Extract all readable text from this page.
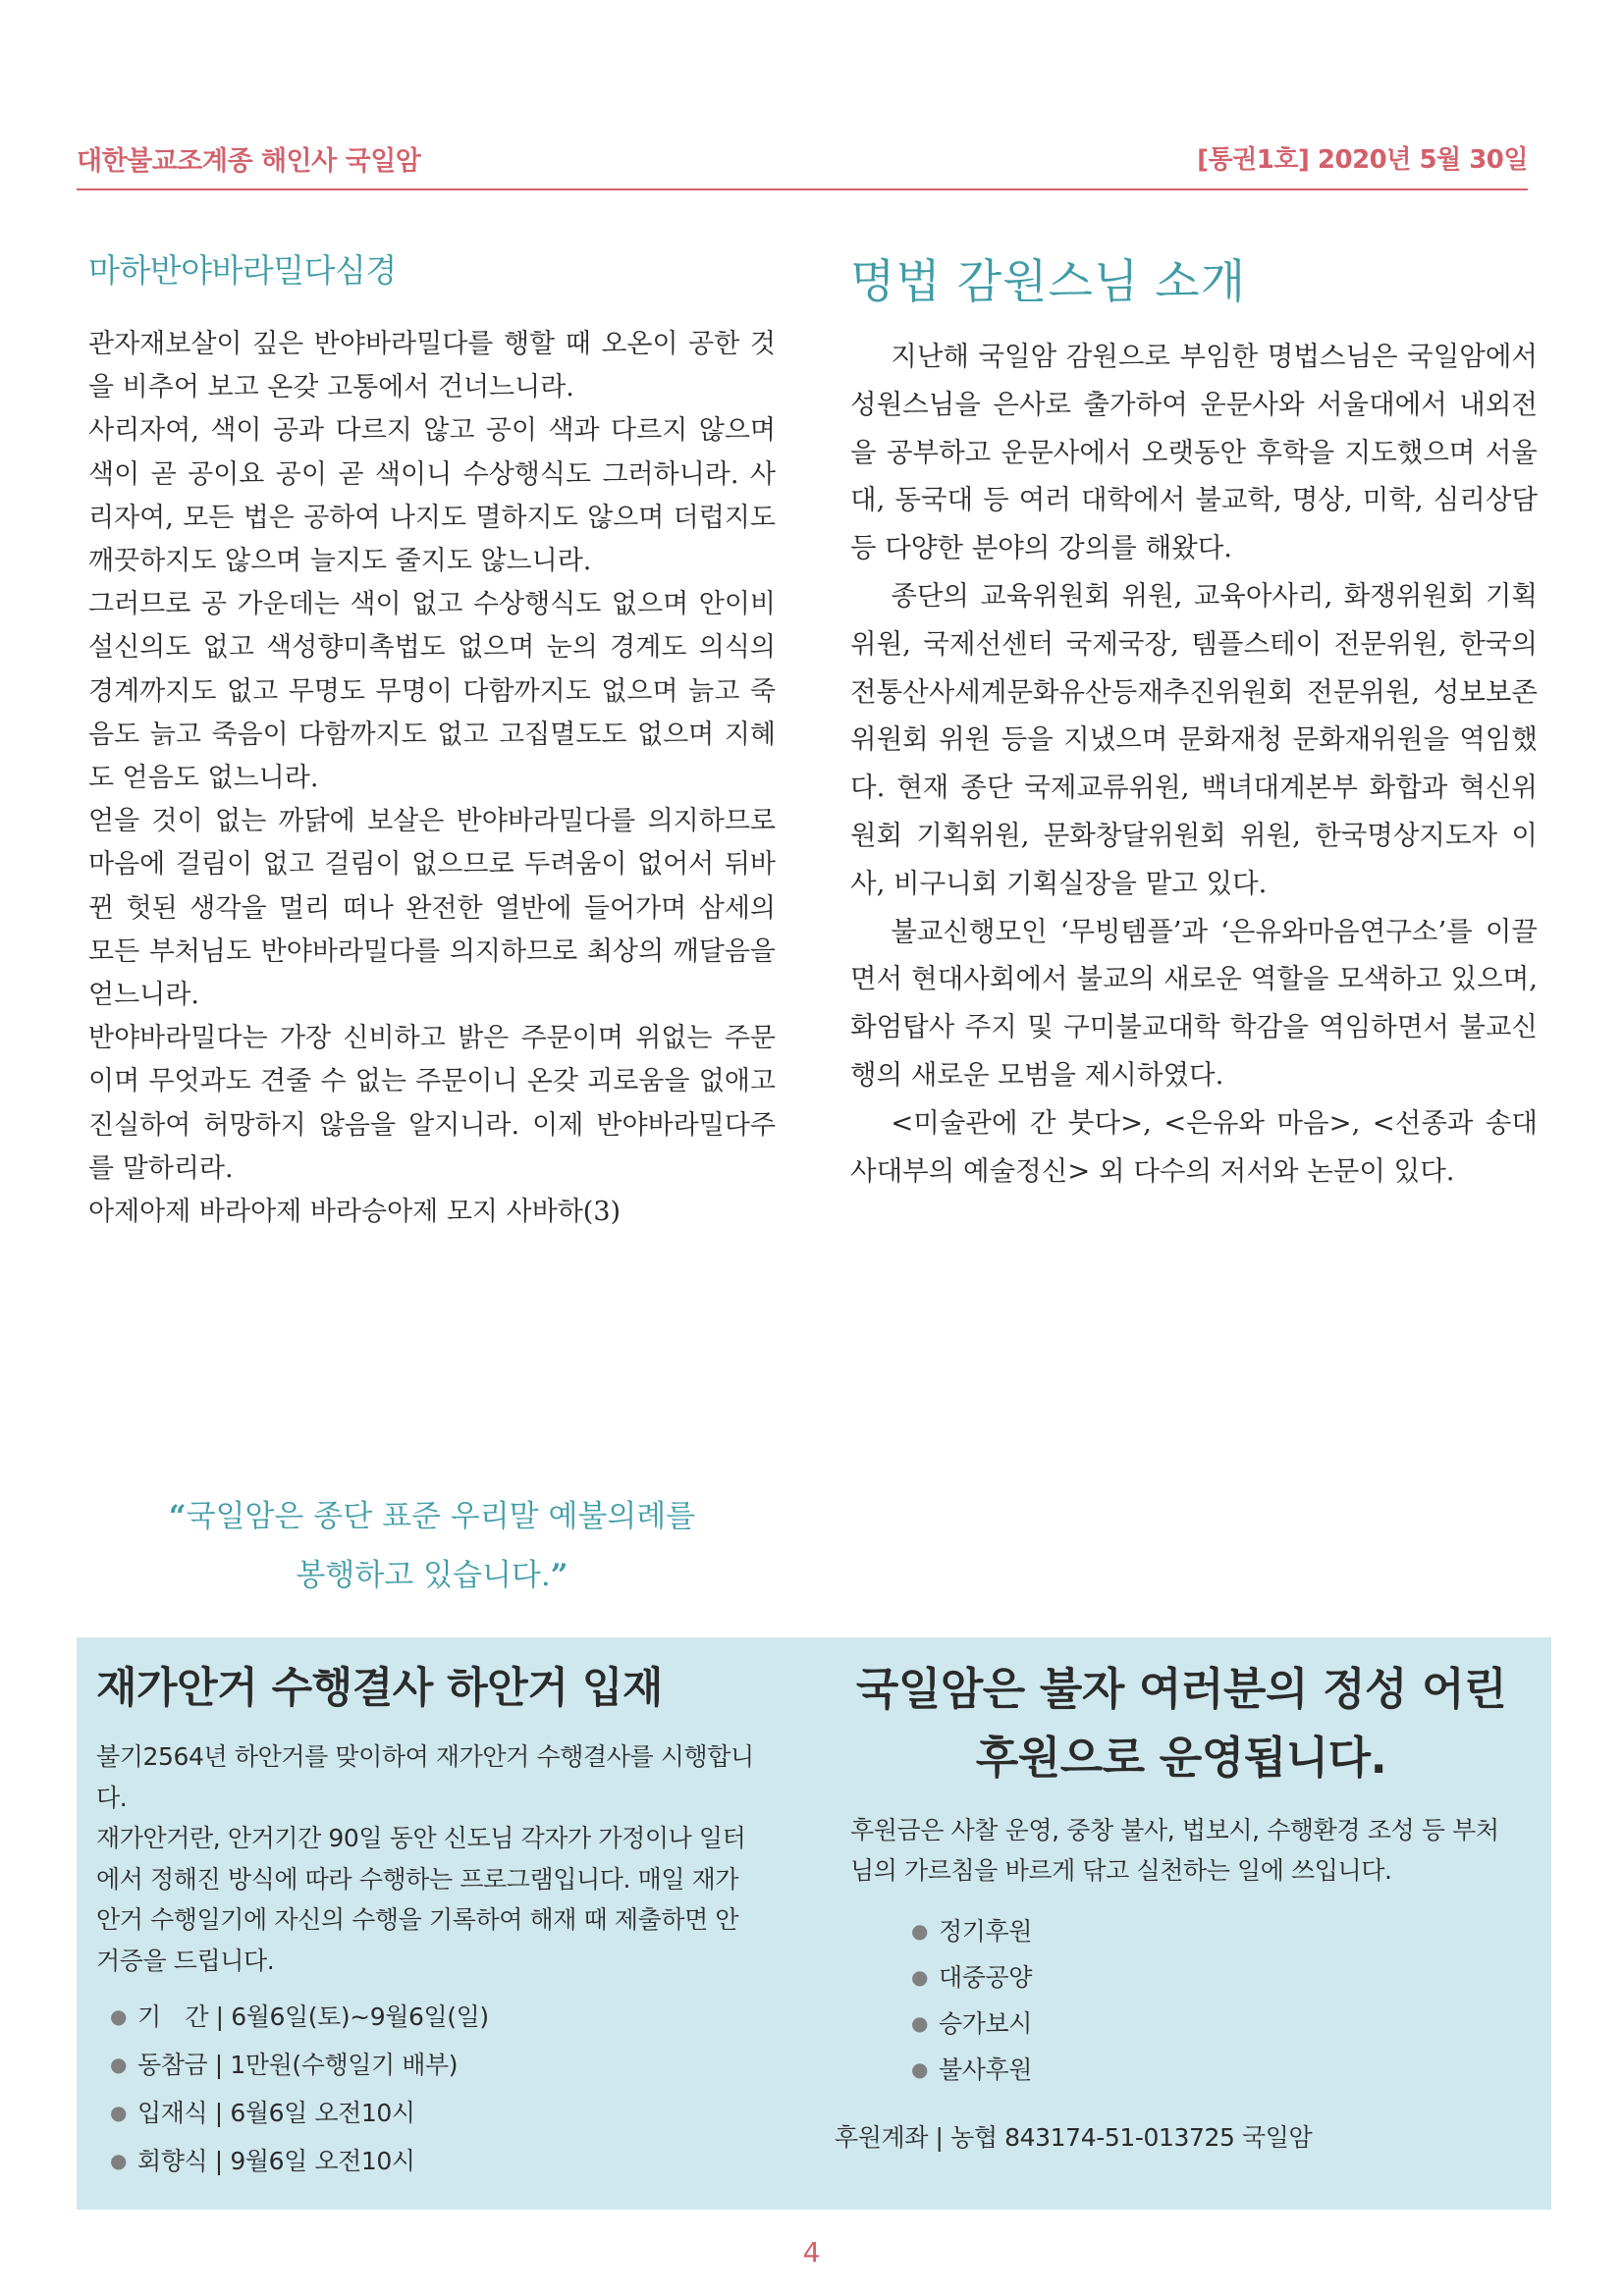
대한불교조계종 해인사 국일암	[통권1호] 2020년 5월 30일
마하반야바라밀다심경

관자재보살이 깊은 반야바라밀다를 행할 때 오온이 공한 것을 비추어 보고 온갖 고통에서 건너느니라.

사리자여, 색이 공과 다르지 않고 공이 색과 다르지 않으며 색이 곧 공이요 공이 곧 색이니 수상행식도 그러하니라. 사리자여, 모든 법은 공하여 나지도 멸하지도 않으며 더럽지도 깨끗하지도 않으며 늘지도 줄지도 않느니라.

그러므로 공 가운데는 색이 없고 수상행식도 없으며 안이비설신의도 없고 색성향미촉법도 없으며 눈의 경계도 의식의 경계까지도 없고 무명도 무명이 다함까지도 없으며 늙고 죽음도 늙고 죽음이 다함까지도 없고 고집멸도도 없으며 지혜도 얻음도 없느니라.

얻을 것이 없는 까닭에 보살은 반야바라밀다를 의지하므로 마음에 걸림이 없고 걸림이 없으므로 두려움이 없어서 뒤바뀐 헛된 생각을 멀리 떠나 완전한 열반에 들어가며 삼세의 모든 부처님도 반야바라밀다를 의지하므로 최상의 깨달음을 얻느니라.

반야바라밀다는 가장 신비하고 밝은 주문이며 위없는 주문이며 무엇과도 견줄 수 없는 주문이니 온갖 괴로움을 없애고 진실하여 허망하지 않음을 알지니라. 이제 반야바라밀다주를 말하리라.

아제아제 바라아제 바라승아제 모지 사바하(3)

“국일암은 종단 표준 우리말 예불의례를
봉행하고 있습니다.”
명법 감원스님 소개

지난해 국일암 감원으로 부임한 명법스님은 국일암에서 성원스님을 은사로 출가하여 운문사와 서울대에서 내외전을 공부하고 운문사에서 오랫동안 후학을 지도했으며 서울대, 동국대 등 여러 대학에서 불교학, 명상, 미학, 심리상담 등 다양한 분야의 강의를 해왔다.

종단의 교육위원회 위원, 교육아사리, 화쟁위원회 기획위원, 국제선센터 국제국장, 템플스테이 전문위원, 한국의전통산사세계문화유산등재추진위원회 전문위원, 성보보존위원회 위원 등을 지냈으며 문화재청 문화재위원을 역임했다. 현재 종단 국제교류위원, 백녀대계본부 화합과 혁신위원회 기획위원, 문화창달위원회 위원, 한국명상지도자 이사, 비구니회 기획실장을 맡고 있다.

불교신행모인 ‘무빙템플’과 ‘은유와마음연구소’를 이끌면서 현대사회에서 불교의 새로운 역할을 모색하고 있으며, 화엄탑사 주지 및 구미불교대학 학감을 역임하면서 불교신행의 새로운 모범을 제시하였다.

<미술관에 간 붓다>, <은유와 마음>, <선종과 송대사대부의 예술정신> 외 다수의 저서와 논문이 있다.

재가안거 수행결사 하안거 입재

불기2564년 하안거를 맞이하여 재가안거 수행결사를 시행합니다.

재가안거란, 안거기간 90일 동안 신도님 각자가 가정이나 일터에서 정해진 방식에 따라 수행하는 프로그램입니다. 매일 재가안거 수행일기에 자신의 수행을 기록하여 해재 때 제출하면 안거증을 드립니다.

● 기　간 | 6월6일(토)~9월6일(일)
● 동참금 | 1만원(수행일기 배부)
● 입재식 | 6월6일 오전10시
● 회향식 | 9월6일 오전10시
국일암은 불자 여러분의 정성 어린
후원으로 운영됩니다.

후원금은 사찰 운영, 중창 불사, 법보시, 수행환경 조성 등 부처님의 가르침을 바르게 닦고 실천하는 일에 쓰입니다.

● 정기후원
● 대중공양
● 승가보시
● 불사후원
후원계좌 | 농협 843174-51-013725 국일암
4
